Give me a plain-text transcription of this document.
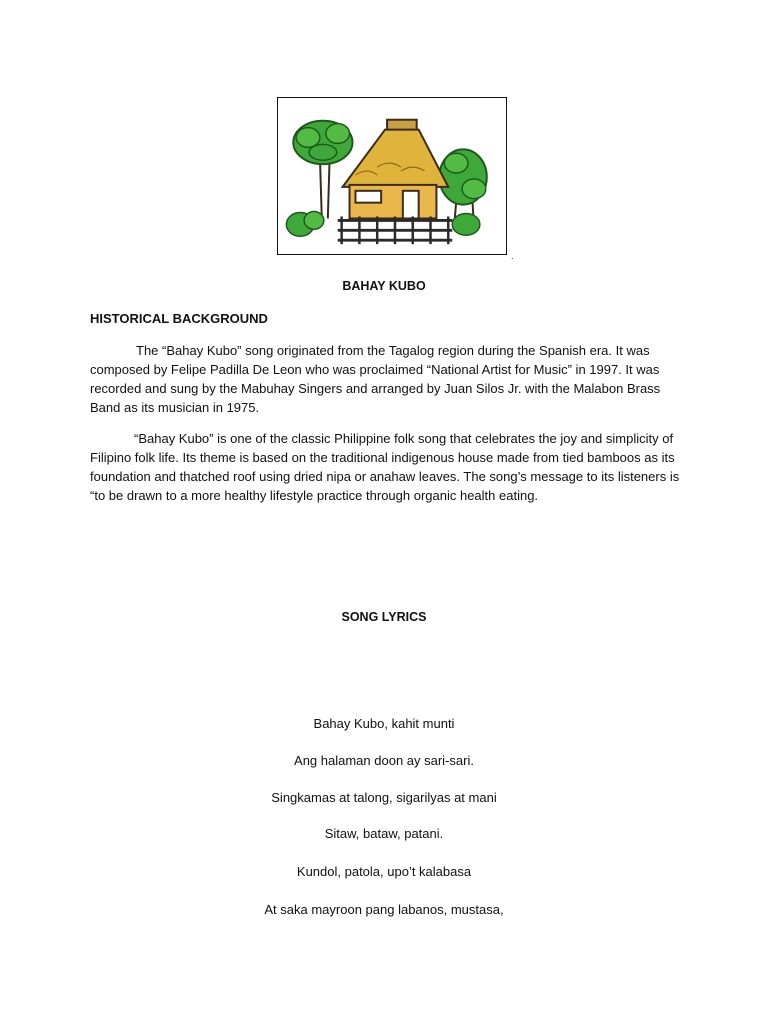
.
BAHAY KUBO
HISTORICAL BACKGROUND

The “Bahay Kubo” song originated from the Tagalog region during the Spanish era. It was composed by Felipe Padilla De Leon who was proclaimed “National Artist for Music” in 1997. It was recorded and sung by the Mabuhay Singers and arranged by Juan Silos Jr. with the Malabon Brass Band as its musician in 1975.

“Bahay Kubo” is one of the classic Philippine folk song that celebrates the joy and simplicity of Filipino folk life. Its theme is based on the traditional indigenous house made from tied bamboos as its foundation and thatched roof using dried nipa or anahaw leaves. The song’s message to its listeners is “to be drawn to a more healthy lifestyle practice through organic health eating.

SONG LYRICS
Bahay Kubo, kahit munti
Ang halaman doon ay sari-sari.
Singkamas at talong, sigarilyas at mani
Sitaw, bataw, patani.
Kundol, patola, upo’t kalabasa
At saka mayroon pang labanos, mustasa,
